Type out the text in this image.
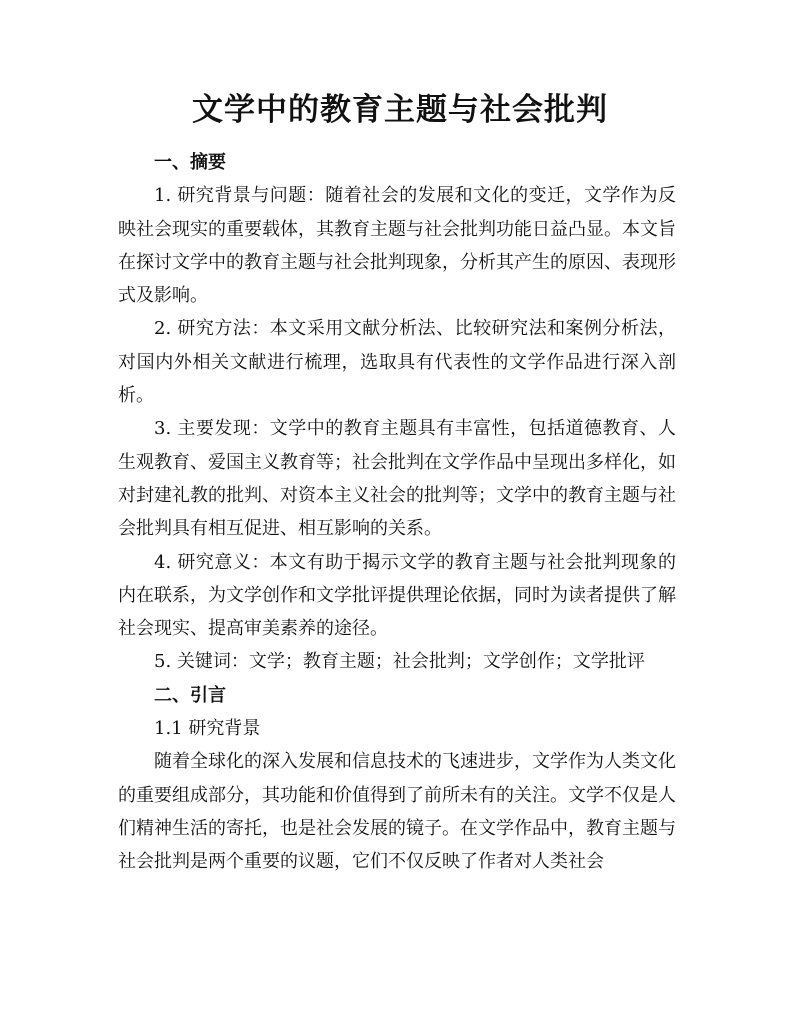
文学中的教育主题与社会批判

一、摘要

1. 研究背景与问题：随着社会的发展和文化的变迁，文学作为反映社会现实的重要载体，其教育主题与社会批判功能日益凸显。本文旨在探讨文学中的教育主题与社会批判现象，分析其产生的原因、表现形式及影响。

2. 研究方法：本文采用文献分析法、比较研究法和案例分析法，对国内外相关文献进行梳理，选取具有代表性的文学作品进行深入剖析。

3. 主要发现：文学中的教育主题具有丰富性，包括道德教育、人生观教育、爱国主义教育等；社会批判在文学作品中呈现出多样化，如对封建礼教的批判、对资本主义社会的批判等；文学中的教育主题与社会批判具有相互促进、相互影响的关系。

4. 研究意义：本文有助于揭示文学的教育主题与社会批判现象的内在联系，为文学创作和文学批评提供理论依据，同时为读者提供了解社会现实、提高审美素养的途径。

5. 关键词：文学；教育主题；社会批判；文学创作；文学批评

二、引言

1.1 研究背景

随着全球化的深入发展和信息技术的飞速进步，文学作为人类文化的重要组成部分，其功能和价值得到了前所未有的关注。文学不仅是人们精神生活的寄托，也是社会发展的镜子。在文学作品中，教育主题与社会批判是两个重要的议题，它们不仅反映了作者对人类社会
